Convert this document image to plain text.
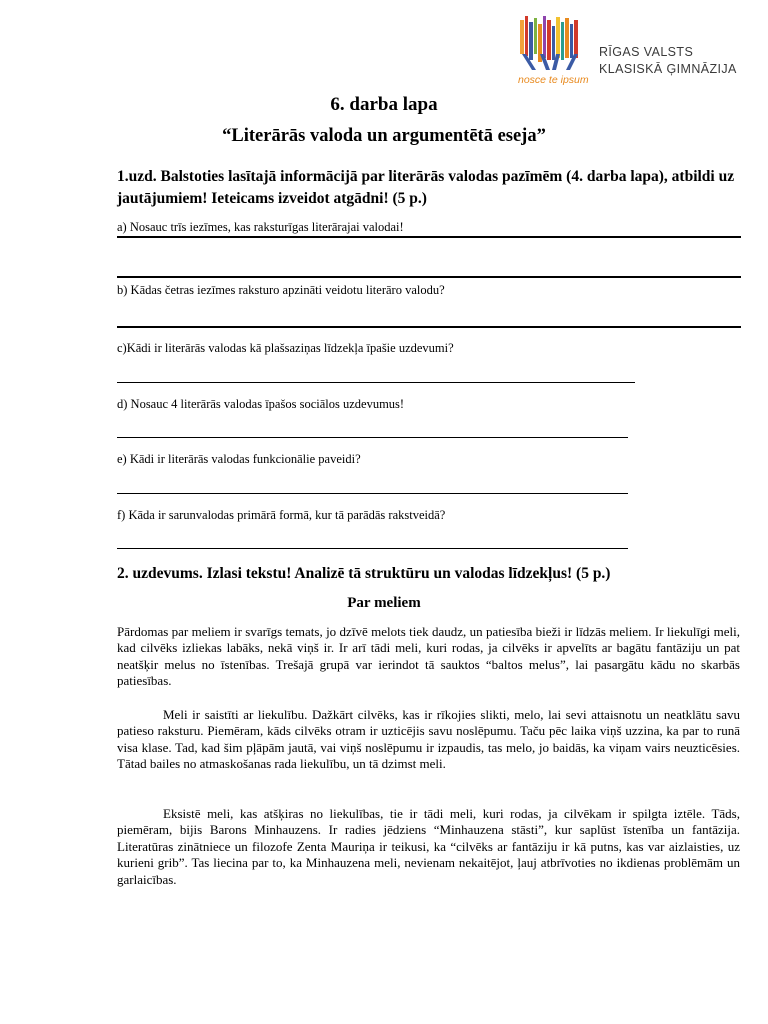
RĪGAS VALSTS
KLASISKĀ ĢIMNĀZIJA
nosce te ipsum
6. darba lapa
“Literārās valoda un argumentētā eseja”
1.uzd. Balstoties lasītajā informācijā par literārās valodas pazīmēm (4. darba lapa), atbildi uz jautājumiem! Ieteicams izveidot atgādni! (5 p.)
a) Nosauc trīs iezīmes, kas raksturīgas literārajai valodai!
b) Kādas četras iezīmes raksturo apzināti veidotu literāro valodu?
c)Kādi ir literārās valodas kā plašsaziņas līdzekļa īpašie uzdevumi?
d) Nosauc 4 literārās valodas īpašos sociālos uzdevumus!
e) Kādi ir literārās valodas funkcionālie paveidi?
f) Kāda ir sarunvalodas primārā formā, kur tā parādās rakstveidā?
2. uzdevums. Izlasi tekstu! Analizē tā struktūru un valodas līdzekļus! (5 p.)
Par meliem
Pārdomas par meliem ir svarīgs temats, jo dzīvē melots tiek daudz, un patiesība bieži ir līdzās meliem. Ir liekulīgi meli, kad cilvēks izliekas labāks, nekā viņš ir. Ir arī tādi meli, kuri rodas, ja cilvēks ir apvelīts ar bagātu fantāziju un pat neatšķir melus no īstenības. Trešajā grupā var ierindot tā sauktos “baltos melus”, lai pasargātu kādu no skarbās patiesības.
Meli ir saistīti ar liekulību. Dažkārt cilvēks, kas ir rīkojies slikti, melo, lai sevi attaisnotu un neatklātu savu patieso raksturu. Piemēram, kāds cilvēks otram ir uzticējis savu noslēpumu. Taču pēc laika viņš uzzina, ka par to runā visa klase. Tad, kad šim pļāpām jautā, vai viņš noslēpumu ir izpaudis, tas melo, jo baidās, ka viņam vairs neuzticēsies. Tātad bailes no atmaskošanas rada liekulību, un tā dzimst meli.
Eksistē meli, kas atšķiras no liekulības, tie ir tādi meli, kuri rodas, ja cilvēkam ir spilgta iztēle. Tāds, piemēram, bijis Barons Minhauzens. Ir radies jēdziens “Minhauzena stāsti”, kur saplūst īstenība un fantāzija. Literatūras zinātniece un filozofe Zenta Mauriņa ir teikusi, ka “cilvēks ar fantāziju ir kā putns, kas var aizlaisties, uz kurieni grib”. Tas liecina par to, ka Minhauzena meli, nevienam nekaitējot, ļauj atbrīvoties no ikdienas problēmām un garlaicības.
